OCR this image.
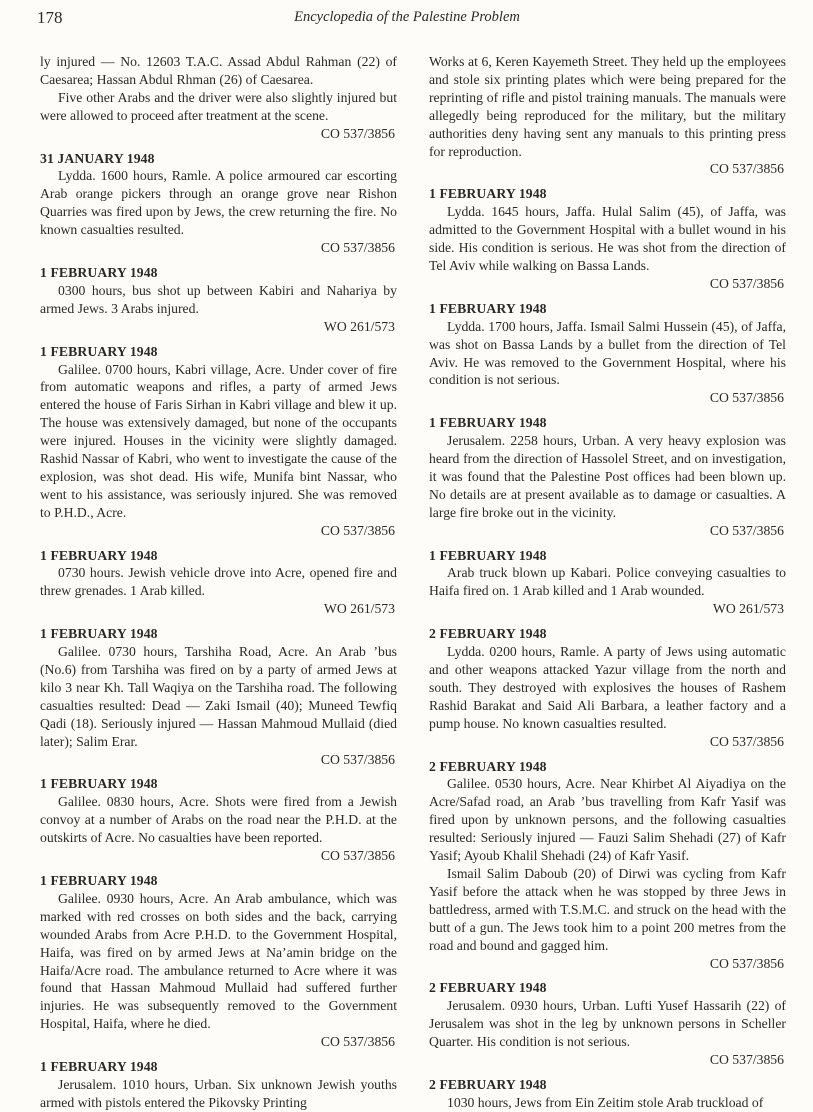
178	Encyclopedia of the Palestine Problem

ly injured — No. 12603 T.A.C. Assad Abdul Rahman (22) of Caesarea; Hassan Abdul Rhman (26) of Caesarea.

Five other Arabs and the driver were also slightly injured but were allowed to proceed after treatment at the scene.

CO 537/3856
31 JANUARY 1948

Lydda. 1600 hours, Ramle. A police armoured car escorting Arab orange pickers through an orange grove near Rishon Quarries was fired upon by Jews, the crew returning the fire. No known casualties resulted.

CO 537/3856
1 FEBRUARY 1948

0300 hours, bus shot up between Kabiri and Nahariya by armed Jews. 3 Arabs injured.

WO 261/573
1 FEBRUARY 1948

Galilee. 0700 hours, Kabri village, Acre. Under cover of fire from automatic weapons and rifles, a party of armed Jews entered the house of Faris Sirhan in Kabri village and blew it up. The house was extensively damaged, but none of the occupants were injured. Houses in the vicinity were slightly damaged. Rashid Nassar of Kabri, who went to investigate the cause of the explosion, was shot dead. His wife, Munifa bint Nassar, who went to his assistance, was seriously injured. She was removed to P.H.D., Acre.

CO 537/3856
1 FEBRUARY 1948

0730 hours. Jewish vehicle drove into Acre, opened fire and threw grenades. 1 Arab killed.

WO 261/573
1 FEBRUARY 1948

Galilee. 0730 hours, Tarshiha Road, Acre. An Arab ’bus (No.6) from Tarshiha was fired on by a party of armed Jews at kilo 3 near Kh. Tall Waqiya on the Tarshiha road. The following casualties resulted: Dead — Zaki Ismail (40); Muneed Tewfiq Qadi (18). Seriously injured — Hassan Mahmoud Mullaid (died later); Salim Erar.

CO 537/3856
1 FEBRUARY 1948

Galilee. 0830 hours, Acre. Shots were fired from a Jewish convoy at a number of Arabs on the road near the P.H.D. at the outskirts of Acre. No casualties have been reported.

CO 537/3856
1 FEBRUARY 1948

Galilee. 0930 hours, Acre. An Arab ambulance, which was marked with red crosses on both sides and the back, carrying wounded Arabs from Acre P.H.D. to the Government Hospital, Haifa, was fired on by armed Jews at Na’amin bridge on the Haifa/Acre road. The ambulance returned to Acre where it was found that Hassan Mahmoud Mullaid had suffered further injuries. He was subsequently removed to the Government Hospital, Haifa, where he died.

CO 537/3856
1 FEBRUARY 1948

Jerusalem. 1010 hours, Urban. Six unknown Jewish youths armed with pistols entered the Pikovsky Printing

Works at 6, Keren Kayemeth Street. They held up the employees and stole six printing plates which were being prepared for the reprinting of rifle and pistol training manuals. The manuals were allegedly being reproduced for the military, but the military authorities deny having sent any manuals to this printing press for reproduction.

CO 537/3856
1 FEBRUARY 1948

Lydda. 1645 hours, Jaffa. Hulal Salim (45), of Jaffa, was admitted to the Government Hospital with a bullet wound in his side. His condition is serious. He was shot from the direction of Tel Aviv while walking on Bassa Lands.

CO 537/3856
1 FEBRUARY 1948

Lydda. 1700 hours, Jaffa. Ismail Salmi Hussein (45), of Jaffa, was shot on Bassa Lands by a bullet from the direction of Tel Aviv. He was removed to the Government Hospital, where his condition is not serious.

CO 537/3856
1 FEBRUARY 1948

Jerusalem. 2258 hours, Urban. A very heavy explosion was heard from the direction of Hassolel Street, and on investigation, it was found that the Palestine Post offices had been blown up. No details are at present available as to damage or casualties. A large fire broke out in the vicinity.

CO 537/3856
1 FEBRUARY 1948

Arab truck blown up Kabari. Police conveying casualties to Haifa fired on. 1 Arab killed and 1 Arab wounded.

WO 261/573
2 FEBRUARY 1948

Lydda. 0200 hours, Ramle. A party of Jews using automatic and other weapons attacked Yazur village from the north and south. They destroyed with explosives the houses of Rashem Rashid Barakat and Said Ali Barbara, a leather factory and a pump house. No known casualties resulted.

CO 537/3856
2 FEBRUARY 1948

Galilee. 0530 hours, Acre. Near Khirbet Al Aiyadiya on the Acre/Safad road, an Arab ’bus travelling from Kafr Yasif was fired upon by unknown persons, and the following casualties resulted: Seriously injured — Fauzi Salim Shehadi (27) of Kafr Yasif; Ayoub Khalil Shehadi (24) of Kafr Yasif.

Ismail Salim Daboub (20) of Dirwi was cycling from Kafr Yasif before the attack when he was stopped by three Jews in battledress, armed with T.S.M.C. and struck on the head with the butt of a gun. The Jews took him to a point 200 metres from the road and bound and gagged him.

CO 537/3856
2 FEBRUARY 1948

Jerusalem. 0930 hours, Urban. Lufti Yusef Hassarih (22) of Jerusalem was shot in the leg by unknown persons in Scheller Quarter. His condition is not serious.

CO 537/3856
2 FEBRUARY 1948

1030 hours, Jews from Ein Zeitim stole Arab truckload of
